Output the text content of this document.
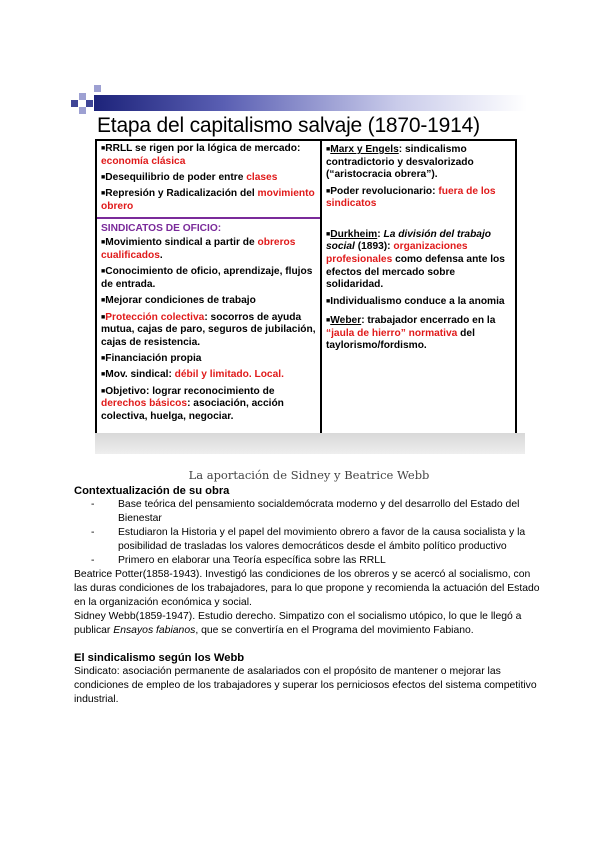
Etapa del capitalismo salvaje (1870-1914)

■RRLL se rigen por la lógica de mercado: economía clásica

■Desequilibrio de poder entre clases

■Represión y Radicalización del movimiento obrero

SINDICATOS DE OFICIO:

■Movimiento sindical a partir de obreros cualificados.

■Conocimiento de oficio, aprendizaje, flujos de entrada.

■Mejorar condiciones de trabajo

■Protección colectiva: socorros de ayuda mutua, cajas de paro, seguros de jubilación, cajas de resistencia.

■Financiación propia

■Mov. sindical: débil y limitado. Local.

■Objetivo: lograr reconocimiento de derechos básicos: asociación, acción colectiva, huelga, negociar.

■Marx y Engels: sindicalismo contradictorio y desvalorizado (“aristocracia obrera”).

■Poder revolucionario: fuera de los sindicatos

■Durkheim: La división del trabajo social (1893): organizaciones profesionales como defensa ante los efectos del mercado sobre solidaridad.

■Individualismo conduce a la anomia

■Weber: trabajador encerrado en la “jaula de hierro” normativa del taylorismo/fordismo.

La aportación de Sidney y Beatrice Webb
Contextualización de su obra
- Base teórica del pensamiento socialdemócrata moderno y del desarrollo del Estado del Bienestar
- Estudiaron la Historia y el papel del movimiento obrero a favor de la causa socialista y la posibilidad de trasladas los valores democráticos desde el ámbito político productivo
- Primero en elaborar una Teoría específica sobre las RRLL

Beatrice Potter(1858-1943). Investigó las condiciones de los obreros y se acercó al socialismo, con las duras condiciones de los trabajadores, para lo que propone y recomienda la actuación del Estado en la organización económica y social.

Sidney Webb(1859-1947). Estudio derecho. Simpatizo con el socialismo utópico, lo que le llegó a publicar Ensayos fabianos, que se convertiría en el Programa del movimiento Fabiano.

El sindicalismo según los Webb

Sindicato: asociación permanente de asalariados con el propósito de mantener o mejorar las condiciones de empleo de los trabajadores y superar los perniciosos efectos del sistema competitivo industrial.
